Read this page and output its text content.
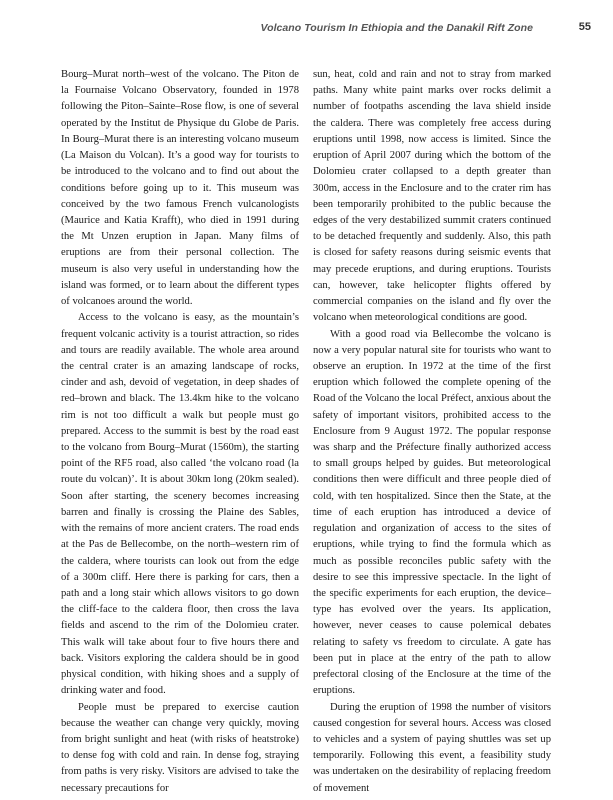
Volcano Tourism In Ethiopia and the Danakil Rift Zone	55

Bourg–Murat north–west of the volcano. The Piton de la Fournaise Volcano Observatory, founded in 1978 following the Piton–Sainte–Rose flow, is one of several operated by the Institut de Physique du Globe de Paris. In Bourg–Murat there is an interesting volcano museum (La Maison du Volcan). It’s a good way for tourists to be introduced to the volcano and to find out about the conditions before going up to it. This museum was conceived by the two famous French vulcanologists (Maurice and Katia Krafft), who died in 1991 during the Mt Unzen eruption in Japan. Many films of eruptions are from their personal collection. The museum is also very useful in understanding how the island was formed, or to learn about the different types of volcanoes around the world.

Access to the volcano is easy, as the mountain’s frequent volcanic activity is a tourist attraction, so rides and tours are readily available. The whole area around the central crater is an amazing landscape of rocks, cinder and ash, devoid of vegetation, in deep shades of red–brown and black. The 13.4km hike to the volcano rim is not too difficult a walk but people must go prepared. Access to the summit is best by the road east to the volcano from Bourg–Murat (1560m), the starting point of the RF5 road, also called ‘the volcano road (la route du volcan)’. It is about 30km long (20km sealed). Soon after starting, the scenery becomes increasing barren and finally is crossing the Plaine des Sables, with the remains of more ancient craters. The road ends at the Pas de Bellecombe, on the north–western rim of the caldera, where tourists can look out from the edge of a 300m cliff. Here there is parking for cars, then a path and a long stair which allows visitors to go down the cliff-face to the caldera floor, then cross the lava fields and ascend to the rim of the Dolomieu crater. This walk will take about four to five hours there and back. Visitors exploring the caldera should be in good physical condition, with hiking shoes and a supply of drinking water and food.

People must be prepared to exercise caution because the weather can change very quickly, moving from bright sunlight and heat (with risks of heatstroke) to dense fog with cold and rain. In dense fog, straying from paths is very risky. Visitors are advised to take the necessary precautions for

sun, heat, cold and rain and not to stray from marked paths. Many white paint marks over rocks delimit a number of footpaths ascending the lava shield inside the caldera. There was completely free access during eruptions until 1998, now access is limited. Since the eruption of April 2007 during which the bottom of the Dolomieu crater collapsed to a depth greater than 300m, access in the Enclosure and to the crater rim has been temporarily prohibited to the public because the edges of the very destabilized summit craters continued to be detached frequently and suddenly. Also, this path is closed for safety reasons during seismic events that may precede eruptions, and during eruptions. Tourists can, however, take helicopter flights offered by commercial companies on the island and fly over the volcano when meteorological conditions are good.

With a good road via Bellecombe the volcano is now a very popular natural site for tourists who want to observe an eruption. In 1972 at the time of the first eruption which followed the complete opening of the Road of the Volcano the local Préfect, anxious about the safety of important visitors, prohibited access to the Enclosure from 9 August 1972. The popular response was sharp and the Préfecture finally authorized access to small groups helped by guides. But meteorological conditions then were difficult and three people died of cold, with ten hospitalized. Since then the State, at the time of each eruption has introduced a device of regulation and organization of access to the sites of eruptions, while trying to find the formula which as much as possible reconciles public safety with the desire to see this impressive spectacle. In the light of the specific experiments for each eruption, the device–type has evolved over the years. Its application, however, never ceases to cause polemical debates relating to safety vs freedom to circulate. A gate has been put in place at the entry of the path to allow prefectoral closing of the Enclosure at the time of the eruptions.

During the eruption of 1998 the number of visitors caused congestion for several hours. Access was closed to vehicles and a system of paying shuttles was set up temporarily. Following this event, a feasibility study was undertaken on the desirability of replacing freedom of movement
